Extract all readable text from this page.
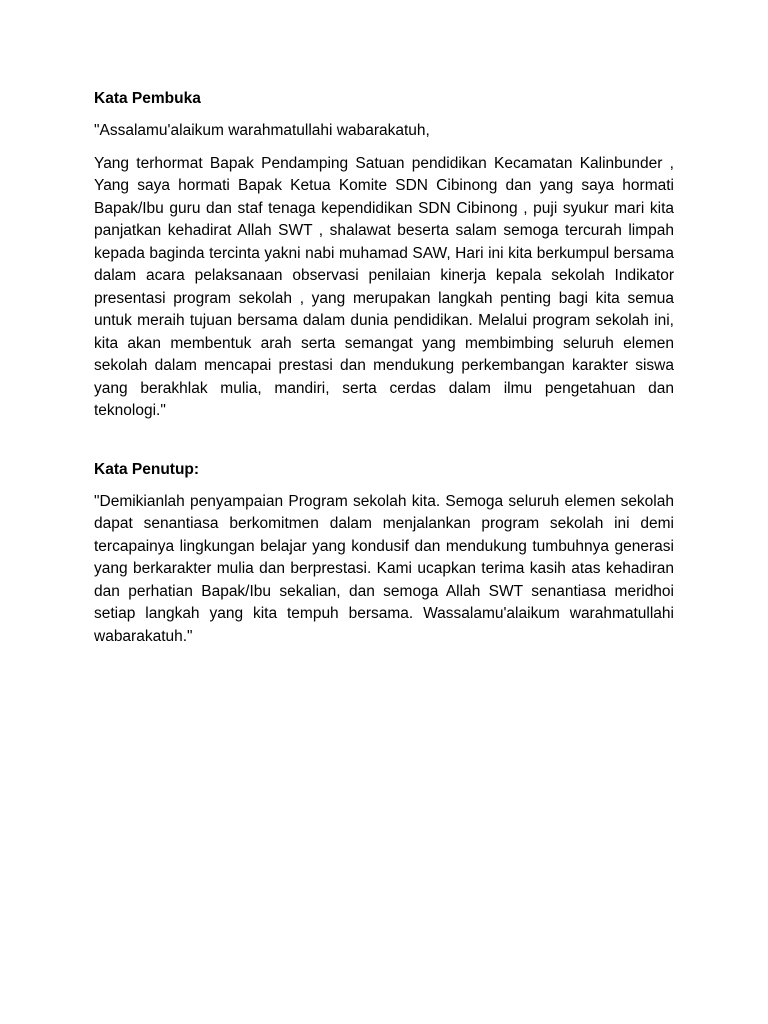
Kata Pembuka

"Assalamu'alaikum warahmatullahi wabarakatuh,

Yang terhormat Bapak Pendamping Satuan pendidikan Kecamatan Kalinbunder , Yang saya hormati Bapak Ketua Komite SDN Cibinong dan yang saya hormati Bapak/Ibu guru dan staf tenaga kependidikan SDN Cibinong , puji syukur mari kita panjatkan kehadirat Allah SWT , shalawat beserta salam semoga tercurah limpah kepada baginda tercinta yakni nabi muhamad SAW, Hari ini kita berkumpul bersama dalam acara pelaksanaan observasi penilaian kinerja kepala sekolah Indikator presentasi program sekolah , yang merupakan langkah penting bagi kita semua untuk meraih tujuan bersama dalam dunia pendidikan. Melalui program sekolah ini, kita akan membentuk arah serta semangat yang membimbing seluruh elemen sekolah dalam mencapai prestasi dan mendukung perkembangan karakter siswa yang berakhlak mulia, mandiri, serta cerdas dalam ilmu pengetahuan dan teknologi."

Kata Penutup:

"Demikianlah penyampaian Program sekolah kita. Semoga seluruh elemen sekolah dapat senantiasa berkomitmen dalam menjalankan program sekolah ini demi tercapainya lingkungan belajar yang kondusif dan mendukung tumbuhnya generasi yang berkarakter mulia dan berprestasi. Kami ucapkan terima kasih atas kehadiran dan perhatian Bapak/Ibu sekalian, dan semoga Allah SWT senantiasa meridhoi setiap langkah yang kita tempuh bersama. Wassalamu'alaikum warahmatullahi wabarakatuh."
